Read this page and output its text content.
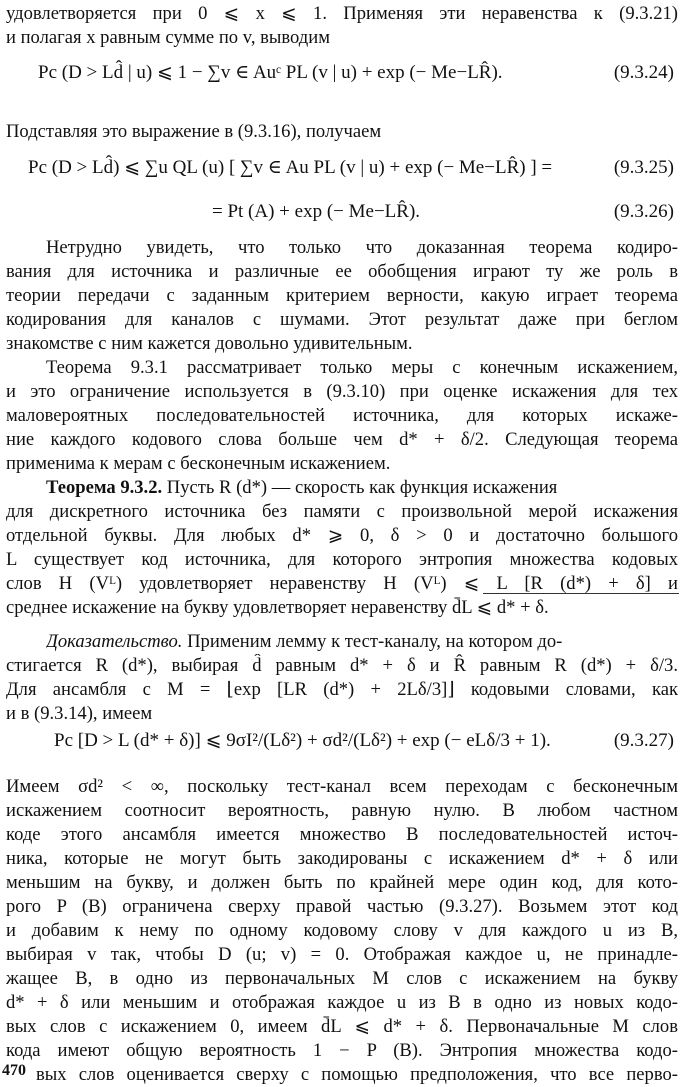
удовлетворяется при 0 ⩽ x ⩽ 1. Применяя эти неравенства к (9.3.21)
и полагая x равным сумме по v, выводим
Pc (D > Ld̂ | u) ⩽ 1 − ∑v ∈ Auᶜ PL (v | u) + exp (− Me−LR̂).	(9.3.24)
Подставляя это выражение в (9.3.16), получаем
Pc (D > Ld̂) ⩽ ∑u QL (u) [ ∑v ∈ Au PL (v | u) + exp (− Me−LR̂) ] =	(9.3.25)
= Pt (A) + exp (− Me−LR̂).	(9.3.26)
Нетрудно увидеть, что только что доказанная теорема кодиро-
вания для источника и различные ее обобщения играют ту же роль в
теории передачи с заданным критерием верности, какую играет теорема
кодирования для каналов с шумами. Этот результат даже при беглом
знакомстве с ним кажется довольно удивительным.
Теорема 9.3.1 рассматривает только меры с конечным искажением,
и это ограничение используется в (9.3.10) при оценке искажения для тех
маловероятных последовательностей источника, для которых искаже-
ние каждого кодового слова больше чем d* + δ/2. Следующая теорема
применима к мерам с бесконечным искажением.
Теорема 9.3.2. Пусть R (d*) — скорость как функция искажения
для дискретного источника без памяти с произвольной мерой искажения
отдельной буквы. Для любых d* ⩾ 0, δ > 0 и достаточно большого
L существует код источника, для которого энтропия множества кодовых
слов H (Vᴸ) удовлетворяет неравенству H (Vᴸ) ⩽ L [R (d*) + δ] и
среднее искажение на букву удовлетворяет неравенству d̄L ⩽ d* + δ.
Доказательство. Применим лемму к тест-каналу, на котором до-
стигается R (d*), выбирая d̂ равным d* + δ и R̂ равным R (d*) + δ/3.
Для ансамбля с M = ⌊exp [LR (d*) + 2Lδ/3]⌋ кодовыми словами, как
и в (9.3.14), имеем
Pc [D > L (d* + δ)] ⩽ 9σI²/(Lδ²) + σd²/(Lδ²) + exp (− eLδ/3 + 1).	(9.3.27)
Имеем σd² < ∞, поскольку тест-канал всем переходам с бесконечным
искажением соотносит вероятность, равную нулю. В любом частном
коде этого ансамбля имеется множество B последовательностей источ-
ника, которые не могут быть закодированы с искажением d* + δ или
меньшим на букву, и должен быть по крайней мере один код, для кото-
рого P (B) ограничена сверху правой частью (9.3.27). Возьмем этот код
и добавим к нему по одному кодовому слову v для каждого u из B,
выбирая v так, чтобы D (u; v) = 0. Отображая каждое u, не принадле-
жащее B, в одно из первоначальных M слов с искажением на букву
d* + δ или меньшим и отображая каждое u из B в одно из новых кодо-
вых слов с искажением 0, имеем d̄L ⩽ d* + δ. Первоначальные M слов
кода имеют общую вероятность 1 − P (B). Энтропия множества кодо-
вых слов оценивается сверху с помощью предположения, что все перво-
470
